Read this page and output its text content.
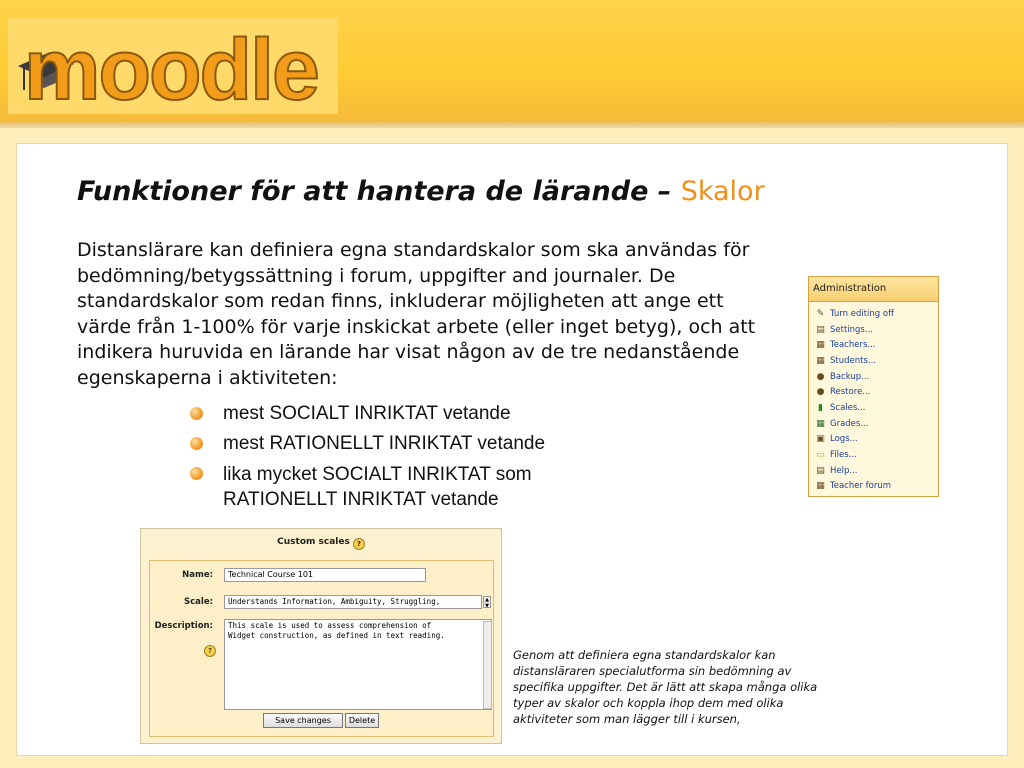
moodle
Funktioner för att hantera de lärande – Skalor
Distanslärare kan definiera egna standardskalor som ska användas för bedömning/betygssättning i forum, uppgifter and journaler. De standardskalor som redan finns, inkluderar möjligheten att ange ett värde från 1-100% för varje inskickat arbete (eller inget betyg), och att indikera huruvida en lärande har visat någon av de tre nedanstående egenskaperna i aktiviteten:
mest SOCIALT INRIKTAT vetande
mest RATIONELLT INRIKTAT vetande
lika mycket SOCIALT INRIKTAT som RATIONELLT INRIKTAT vetande
Administration
✎ Turn editing off
▤ Settings...
▦ Teachers...
▦ Students...
● Backup...
● Restore...
▮ Scales...
▦ Grades...
▣ Logs...
▭ Files...
▤ Help...
▦ Teacher forum
Custom scales ?
Name:	Technical Course 101
Scale:	Understands Information, Ambiguity, Struggling,	▲
▼
Description:
?
This scale is used to assess comprehension of
Widget construction, as defined in text reading.
Save changes	Delete
Genom att definiera egna standardskalor kan distansläraren specialutforma sin bedömning av specifika uppgifter. Det är lätt att skapa många olika typer av skalor och koppla ihop dem med olika aktiviteter som man lägger till i kursen,
